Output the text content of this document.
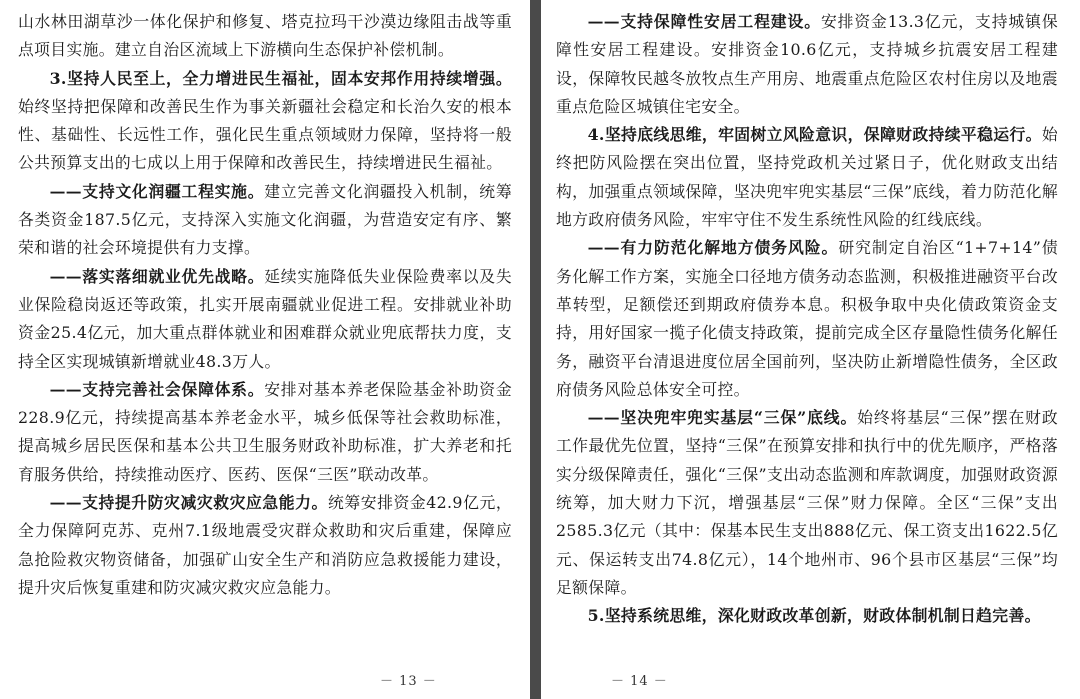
山水林田湖草沙一体化保护和修复、塔克拉玛干沙漠边缘阻击战等重点项目实施。建立自治区流域上下游横向生态保护补偿机制。

3.坚持人民至上，全力增进民生福祉，固本安邦作用持续增强。始终坚持把保障和改善民生作为事关新疆社会稳定和长治久安的根本性、基础性、长远性工作，强化民生重点领域财力保障，坚持将一般公共预算支出的七成以上用于保障和改善民生，持续增进民生福祉。

——支持文化润疆工程实施。建立完善文化润疆投入机制，统筹各类资金187.5亿元，支持深入实施文化润疆，为营造安定有序、繁荣和谐的社会环境提供有力支撑。

——落实落细就业优先战略。延续实施降低失业保险费率以及失业保险稳岗返还等政策，扎实开展南疆就业促进工程。安排就业补助资金25.4亿元，加大重点群体就业和困难群众就业兜底帮扶力度，支持全区实现城镇新增就业48.3万人。

——支持完善社会保障体系。安排对基本养老保险基金补助资金228.9亿元，持续提高基本养老金水平，城乡低保等社会救助标准，提高城乡居民医保和基本公共卫生服务财政补助标准，扩大养老和托育服务供给，持续推动医疗、医药、医保“三医”联动改革。

——支持提升防灾减灾救灾应急能力。统筹安排资金42.9亿元，全力保障阿克苏、克州7.1级地震受灾群众救助和灾后重建，保障应急抢险救灾物资储备，加强矿山安全生产和消防应急救援能力建设，提升灾后恢复重建和防灾减灾救灾应急能力。

－ 13 －

——支持保障性安居工程建设。安排资金13.3亿元，支持城镇保障性安居工程建设。安排资金10.6亿元，支持城乡抗震安居工程建设，保障牧民越冬放牧点生产用房、地震重点危险区农村住房以及地震重点危险区城镇住宅安全。

4.坚持底线思维，牢固树立风险意识，保障财政持续平稳运行。始终把防风险摆在突出位置，坚持党政机关过紧日子，优化财政支出结构，加强重点领域保障，坚决兜牢兜实基层“三保”底线，着力防范化解地方政府债务风险，牢牢守住不发生系统性风险的红线底线。

——有力防范化解地方债务风险。研究制定自治区“1+7+14”债务化解工作方案，实施全口径地方债务动态监测，积极推进融资平台改革转型，足额偿还到期政府债券本息。积极争取中央化债政策资金支持，用好国家一揽子化债支持政策，提前完成全区存量隐性债务化解任务，融资平台清退进度位居全国前列，坚决防止新增隐性债务，全区政府债务风险总体安全可控。

——坚决兜牢兜实基层“三保”底线。始终将基层“三保”摆在财政工作最优先位置，坚持“三保”在预算安排和执行中的优先顺序，严格落实分级保障责任，强化“三保”支出动态监测和库款调度，加强财政资源统筹，加大财力下沉，增强基层“三保”财力保障。全区“三保”支出2585.3亿元（其中：保基本民生支出888亿元、保工资支出1622.5亿元、保运转支出74.8亿元），14个地州市、96个县市区基层“三保”均足额保障。

5.坚持系统思维，深化财政改革创新，财政体制机制日趋完善。

－ 14 －
